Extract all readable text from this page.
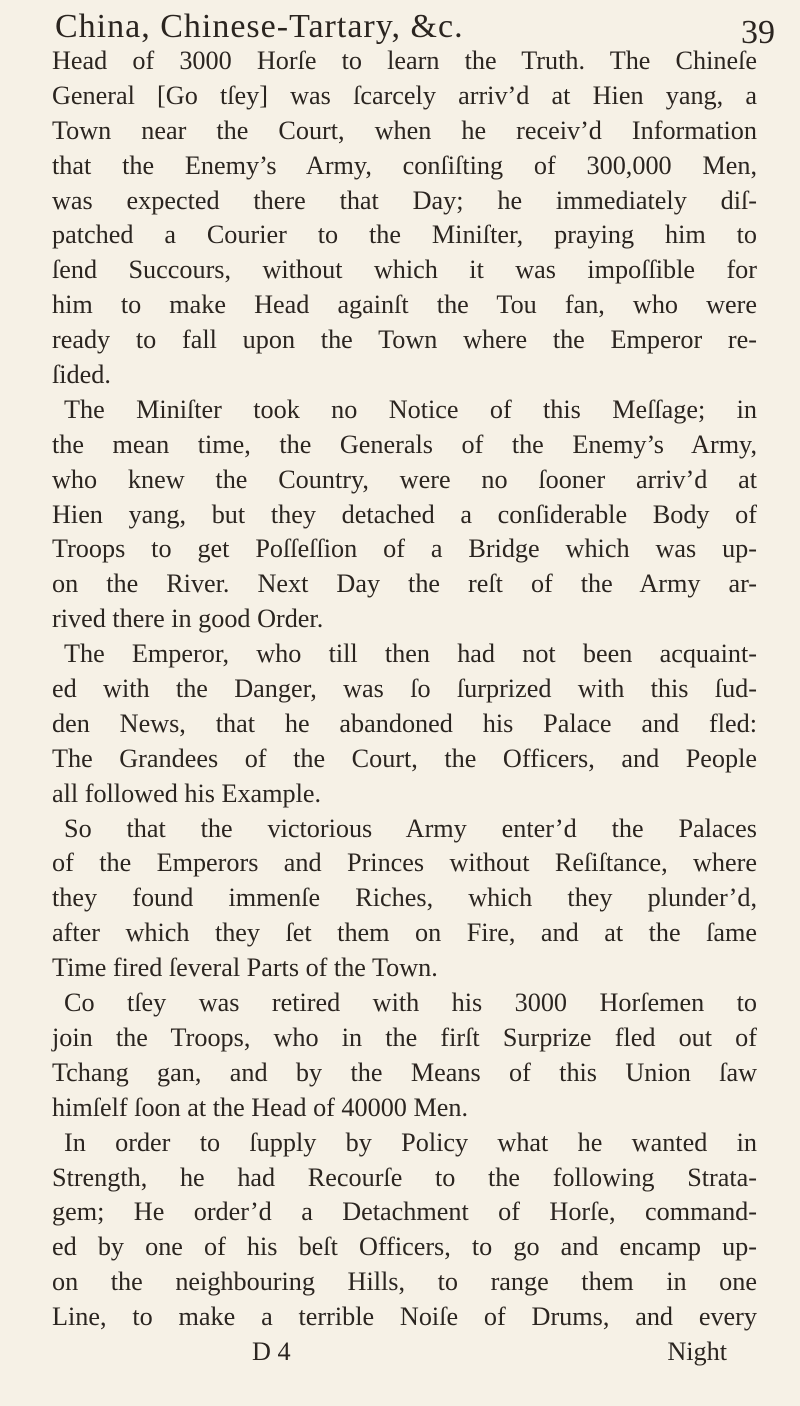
China, Chinese-Tartary, &c.	39
Head of 3000 Horſe to learn the Truth. The Chineſe
General [Go tſey] was ſcarcely arriv’d at Hien yang, a
Town near the Court, when he receiv’d Information
that the Enemy’s Army, conſiſting of 300,000 Men,
was expected there that Day; he immediately diſ-
patched a Courier to the Miniſter, praying him to
ſend Succours, without which it was impoſſible for
him to make Head againſt the Tou fan, who were
ready to fall upon the Town where the Emperor re-
ſided.
The Miniſter took no Notice of this Meſſage; in
the mean time, the Generals of the Enemy’s Army,
who knew the Country, were no ſooner arriv’d at
Hien yang, but they detached a conſiderable Body of
Troops to get Poſſeſſion of a Bridge which was up-
on the River. Next Day the reſt of the Army ar-
rived there in good Order.
The Emperor, who till then had not been acquaint-
ed with the Danger, was ſo ſurprized with this ſud-
den News, that he abandoned his Palace and fled:
The Grandees of the Court, the Officers, and People
all followed his Example.
So that the victorious Army enter’d the Palaces
of the Emperors and Princes without Reſiſtance, where
they found immenſe Riches, which they plunder’d,
after which they ſet them on Fire, and at the ſame
Time fired ſeveral Parts of the Town.
Co tſey was retired with his 3000 Horſemen to
join the Troops, who in the firſt Surprize fled out of
Tchang gan, and by the Means of this Union ſaw
himſelf ſoon at the Head of 40000 Men.
In order to ſupply by Policy what he wanted in
Strength, he had Recourſe to the following Strata-
gem; He order’d a Detachment of Horſe, command-
ed by one of his beſt Officers, to go and encamp up-
on the neighbouring Hills, to range them in one
Line, to make a terrible Noiſe of Drums, and every
D 4	Night
